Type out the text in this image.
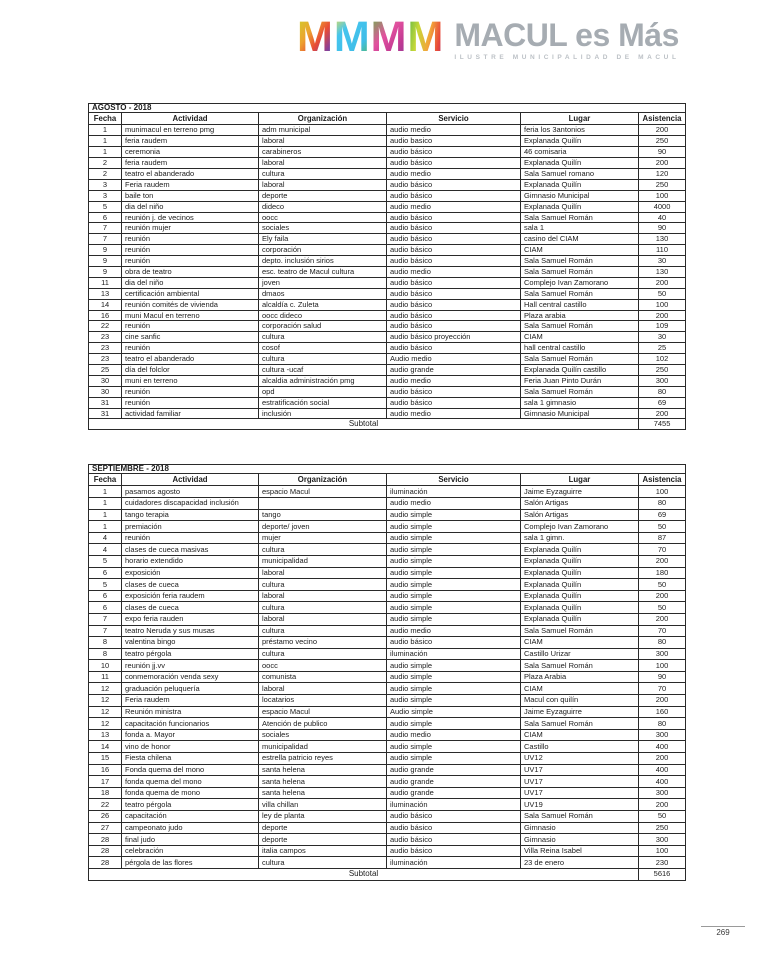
M M M M MACUL es Más
ILUSTRE MUNICIPALIDAD DE MACUL
AGOSTO - 2018					
Fecha	Actividad	Organización	Servicio	Lugar	Asistencia
1	munimacul en terreno pmg	adm municipal	audio medio	feria los 3antonios	200
1	feria raudem	laboral	audio basico	Explanada Quilín	250
1	ceremonia	carabineros	audio básico	46 comisaria	90
2	feria raudem	laboral	audio básico	Explanada Quilín	200
2	teatro el abanderado	cultura	audio medio	Sala Samuel romano	120
3	Feria raudem	laboral	audio básico	Explanada Quilín	250
3	baile ton	deporte	audio básico	Gimnasio Municipal	100
5	dia del niño	dideco	audio medio	Explanada Quilín	4000
6	reunión j. de vecinos	oocc	audio básico	Sala Samuel Román	40
7	reunión mujer	sociales	audio básico	sala 1	90
7	reunión	Ely faila	audio básico	casino del CIAM	130
9	reunión	corporación	audio básico	CIAM	110
9	reunión	depto. inclusión sirios	audio básico	Sala Samuel Román	30
9	obra de teatro	esc. teatro de Macul cultura	audio medio	Sala Samuel Román	130
11	dia del niño	joven	audio básico	Complejo Ivan Zamorano	200
13	certificación ambiental	dmaos	audio básico	Sala Samuel Román	50
14	reunión comités de vivienda	alcaldía c. Zuleta	audio básico	Hall central castillo	100
16	muni Macul en terreno	oocc dideco	audio básico	Plaza arabia	200
22	reunión	corporación salud	audio básico	Sala Samuel Román	109
23	cine sanfic	cultura	audio básico proyección	CIAM	30
23	reunión	cosof	audio básico	hall central castillo	25
23	teatro el abanderado	cultura	Audio medio	Sala Samuel Román	102
25	día del folclor	cultura -ucaf	audio grande	Explanada Quilín castillo	250
30	muni en terreno	alcaldia administración pmg	audio medio	Feria Juan Pinto Durán	300
30	reunión	opd	audio básico	Sala Samuel Román	80
31	reunión	estratificación social	audio básico	sala 1 gimnasio	69
31	actividad familiar	inclusión	audio medio	Gimnasio Municipal	200
Subtotal					7455
SEPTIEMBRE - 2018					
Fecha	Actividad	Organización	Servicio	Lugar	Asistencia
1	pasamos agosto	espacio Macul	iluminación	Jaime Eyzaguirre	100
1	cuidadores discapacidad inclusión		audio medio	Salón Artigas	80
1	tango terapia	tango	audio simple	Salón Artigas	69
1	premiación	deporte/ joven	audio simple	Complejo Ivan Zamorano	50
4	reunión	mujer	audio simple	sala 1 gimn.	87
4	clases de cueca masivas	cultura	audio simple	Explanada Quilín	70
5	horario extendido	municipalidad	audio simple	Explanada Quilín	200
6	exposición	laboral	audio simple	Explanada Quilín	180
5	clases de cueca	cultura	audio simple	Explanada Quilín	50
6	exposición feria raudem	laboral	audio simple	Explanada Quilín	200
6	clases de cueca	cultura	audio simple	Explanada Quilín	50
7	expo feria rauden	laboral	audio simple	Explanada Quilín	200
7	teatro Neruda y sus musas	cultura	audio medio	Sala Samuel Román	70
8	valentina bingo	préstamo vecino	audio básico	CIAM	80
8	teatro pérgola	cultura	iluminación	Castillo Urizar	300
10	reunión jj.vv	oocc	audio simple	Sala Samuel Román	100
11	conmemoración venda sexy	comunista	audio simple	Plaza Arabia	90
12	graduación peluquería	laboral	audio simple	CIAM	70
12	Feria raudem	locatarios	audio simple	Macul con quilín	200
12	Reunión ministra	espacio Macul	Audio simple	Jaime Eyzaguirre	160
12	capacitación funcionarios	Atención de publico	audio simple	Sala Samuel Román	80
13	fonda a. Mayor	sociales	audio medio	CIAM	300
14	vino de honor	municipalidad	audio simple	Castillo	400
15	Fiesta chilena	estrella patricio reyes	audio simple	UV12	200
16	Fonda quema del mono	santa helena	audio grande	UV17	400
17	fonda quema del mono	santa helena	audio grande	UV17	400
18	fonda quema de mono	santa helena	audio grande	UV17	300
22	teatro pérgola	villa chillan	iluminación	UV19	200
26	capacitación	ley de planta	audio básico	Sala Samuel Román	50
27	campeonato judo	deporte	audio básico	Gimnasio	250
28	final judo	deporte	audio básico	Gimnasio	300
28	celebración	italia campos	audio básico	Villa Reina Isabel	100
28	pérgola de las flores	cultura	iluminación	23 de enero	230
Subtotal					5616
269
